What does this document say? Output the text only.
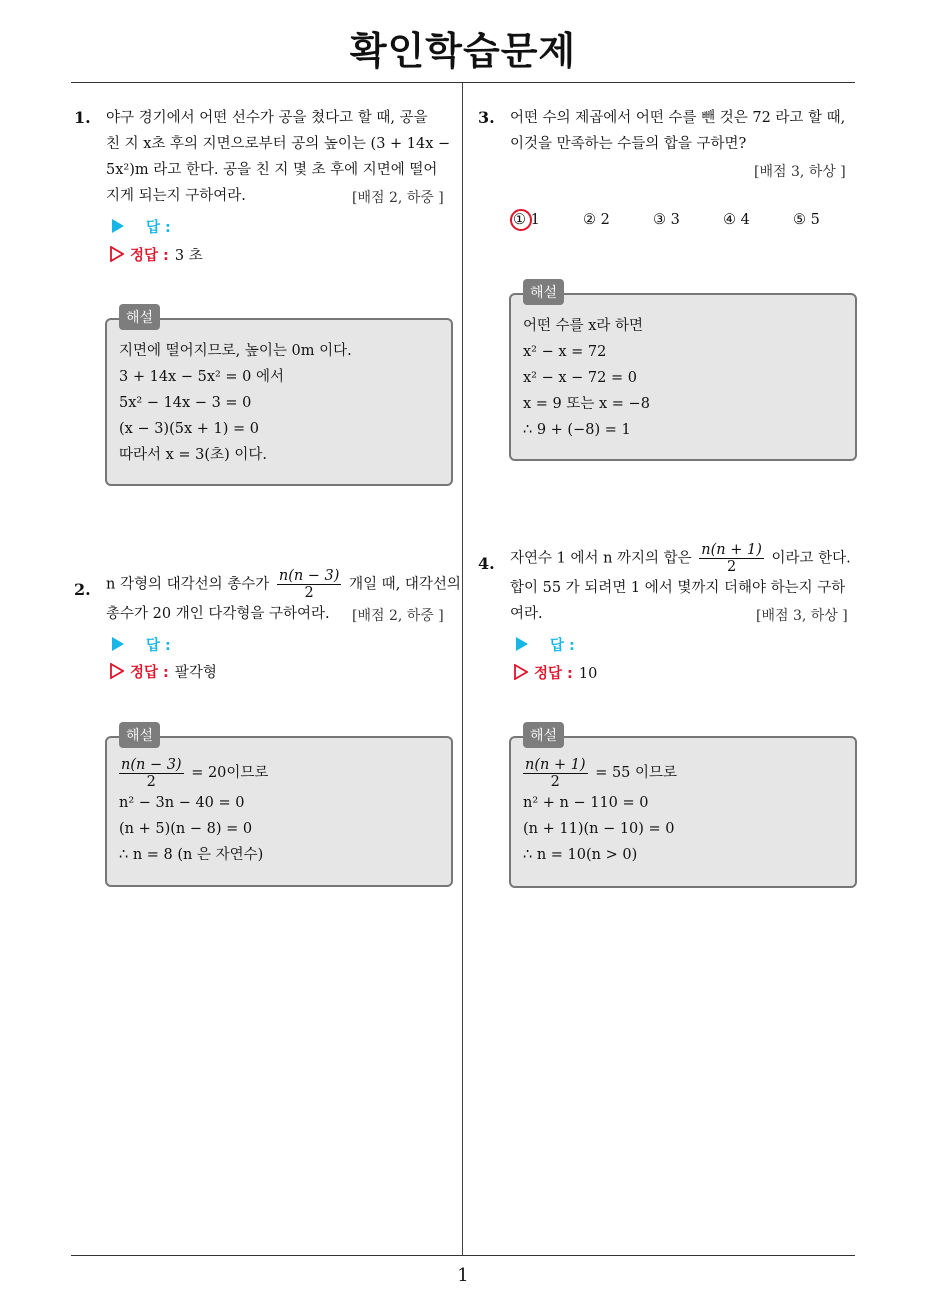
확인학습문제
1
1. 야구 경기에서 어떤 선수가 공을 쳤다고 할 때, 공을
친 지 x초 후의 지면으로부터 공의 높이는 (3 + 14x −
5x²)m 라고 한다. 공을 친 지 몇 초 후에 지면에 떨어
지게 되는지 구하여라.	[배점 2, 하중 ]
답 :
정답 : 3 초
해설
지면에 떨어지므로, 높이는 0m 이다.
3 + 14x − 5x² = 0 에서
5x² − 14x − 3 = 0
(x − 3)(5x + 1) = 0
따라서 x = 3(초) 이다.
2. n 각형의 대각선의 총수가 $\frac{n(n - 3)}{2}$ 개일 때, 대각선의
총수가 20 개인 다각형을 구하여라.	[배점 2, 하중 ]
답 :
정답 : 팔각형
해설
$\frac{n(n - 3)}{2} = 20$이므로
n² − 3n − 40 = 0
(n + 5)(n − 8) = 0
∴ n = 8 (n 은 자연수)
3. 어떤 수의 제곱에서 어떤 수를 뺀 것은 72 라고 할 때,
이것을 만족하는 수들의 합을 구하면?
[배점 3, 하상 ]
① 1	② 2	③ 3	④ 4	⑤ 5
해설
어떤 수를 x라 하면
x² − x = 72
x² − x − 72 = 0
x = 9 또는 x = −8
∴ 9 + (−8) = 1
4. 자연수 1 에서 n 까지의 합은 $\frac{n(n + 1)}{2}$ 이라고 한다.
합이 55 가 되려면 1 에서 몇까지 더해야 하는지 구하
여라.	[배점 3, 하상 ]
답 :
정답 : 10
해설
$\frac{n(n + 1)}{2} = 55$ 이므로
n² + n − 110 = 0
(n + 11)(n − 10) = 0
∴ n = 10(n > 0)
